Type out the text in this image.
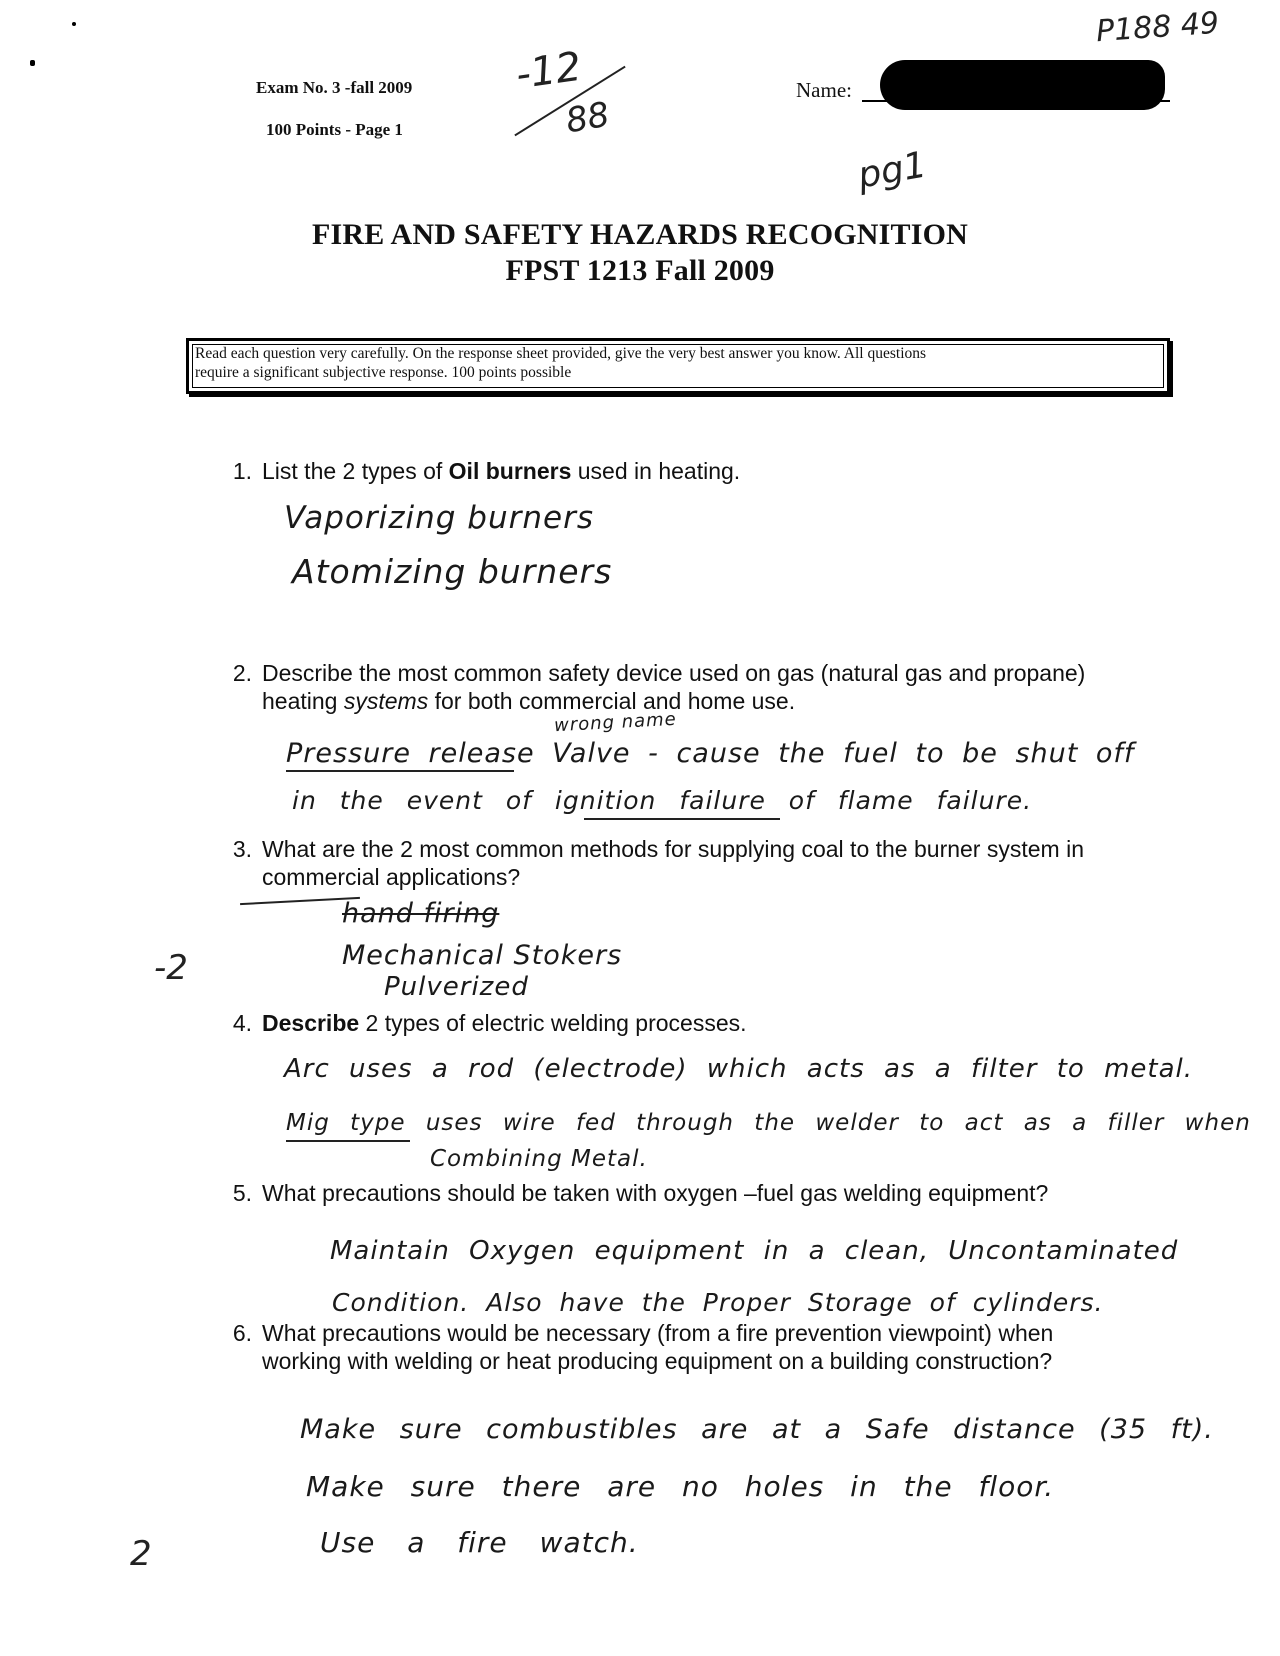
Exam No. 3 -fall 2009
100 Points - Page 1
-12
88
Name:
P188 49
pg1
FIRE AND SAFETY HAZARDS RECOGNITION
FPST 1213 Fall 2009
Read each question very carefully. On the response sheet provided, give the very best answer you know. All questions
require a significant subjective response. 100 points possible
1. List the 2 types of Oil burners used in heating.
Vaporizing burners
Atomizing burners
2. Describe the most common safety device used on gas (natural gas and propane)
heating systems for both commercial and home use.
wrong name
Pressure release Valve - cause the fuel to be shut off
in the event of ignition failure of flame failure.
3. What are the 2 most common methods for supplying coal to the burner system in
commercial applications?
hand firing
Mechanical Stokers
Pulverized
-2
4. Describe 2 types of electric welding processes.
Arc uses a rod (electrode) which acts as a filter to metal.
Mig type uses wire fed through the welder to act as a filler when
Combining Metal.
5. What precautions should be taken with oxygen –fuel gas welding equipment?
Maintain Oxygen equipment in a clean, Uncontaminated
Condition. Also have the Proper Storage of cylinders.
6. What precautions would be necessary (from a fire prevention viewpoint) when
working with welding or heat producing equipment on a building construction?
Make sure combustibles are at a Safe distance (35 ft).
Make sure there are no holes in the floor.
Use a fire watch.
2
